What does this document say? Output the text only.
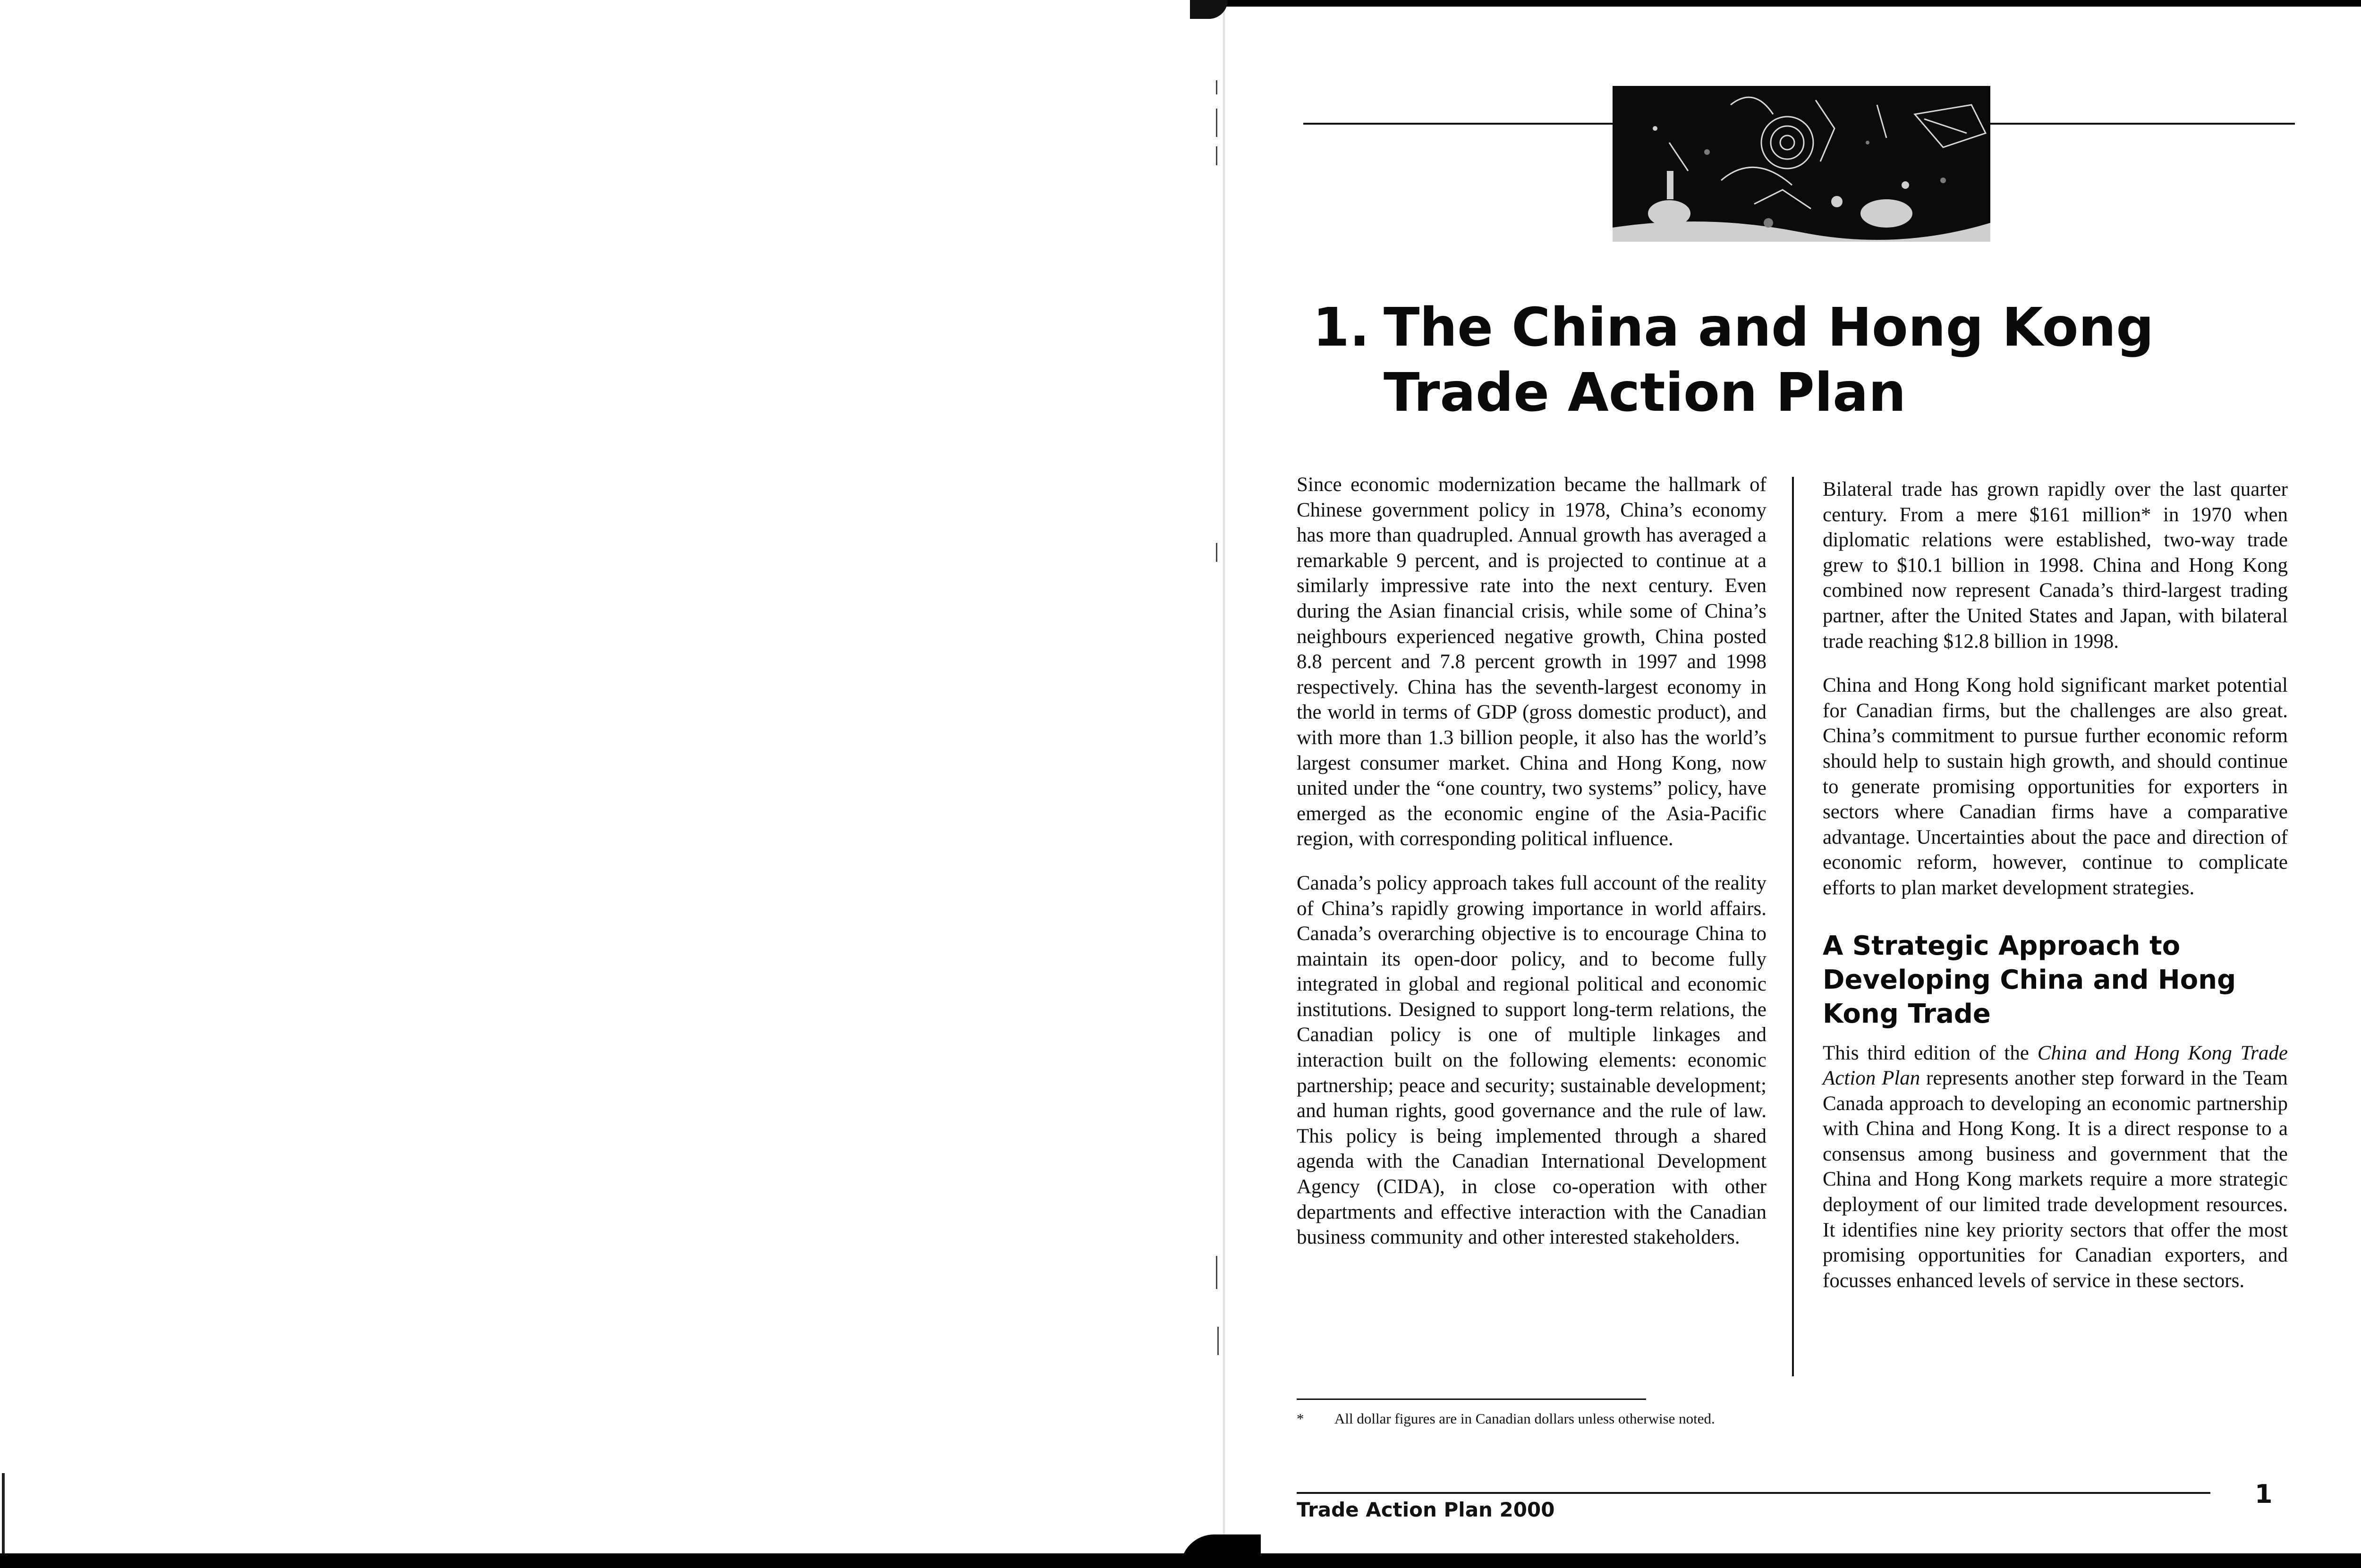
1. The China and Hong Kong
Trade Action Plan

Since economic modernization became the hallmark of Chinese government policy in 1978, China’s economy has more than quadrupled. Annual growth has averaged a remarkable 9 percent, and is projected to continue at a similarly impressive rate into the next century. Even during the Asian financial crisis, while some of China’s neighbours experienced negative growth, China posted 8.8 percent and 7.8 percent growth in 1997 and 1998 respectively. China has the seventh-largest economy in the world in terms of GDP (gross domestic product), and with more than 1.3 billion people, it also has the world’s largest consumer market. China and Hong Kong, now united under the “one country, two systems” policy, have emerged as the economic engine of the Asia-Pacific region, with corresponding political influence.

Canada’s policy approach takes full account of the reality of China’s rapidly growing importance in world affairs. Canada’s overarching objective is to encourage China to maintain its open-door policy, and to become fully integrated in global and regional political and economic institutions. Designed to support long-term relations, the Canadian policy is one of multiple linkages and interaction built on the following elements: economic partnership; peace and security; sustainable development; and human rights, good governance and the rule of law. This policy is being implemented through a shared agenda with the Canadian International Development Agency (CIDA), in close co-operation with other departments and effective interaction with the Canadian business community and other interested stakeholders.

Bilateral trade has grown rapidly over the last quarter century. From a mere $161 million* in 1970 when diplomatic relations were established, two-way trade grew to $10.1 billion in 1998. China and Hong Kong combined now represent Canada’s third-largest trading partner, after the United States and Japan, with bilateral trade reaching $12.8 billion in 1998.

China and Hong Kong hold significant market potential for Canadian firms, but the challenges are also great. China’s commitment to pursue further economic reform should help to sustain high growth, and should continue to generate promising opportunities for exporters in sectors where Canadian firms have a comparative advantage. Uncertainties about the pace and direction of economic reform, however, continue to complicate efforts to plan market development strategies.

A Strategic Approach to Developing China and Hong Kong Trade

This third edition of the China and Hong Kong Trade Action Plan represents another step forward in the Team Canada approach to developing an economic partnership with China and Hong Kong. It is a direct response to a consensus among business and government that the China and Hong Kong markets require a more strategic deployment of our limited trade development resources. It identifies nine key priority sectors that offer the most promising opportunities for Canadian exporters, and focusses enhanced levels of service in these sectors.

* All dollar figures are in Canadian dollars unless otherwise noted.
Trade Action Plan 2000
1
